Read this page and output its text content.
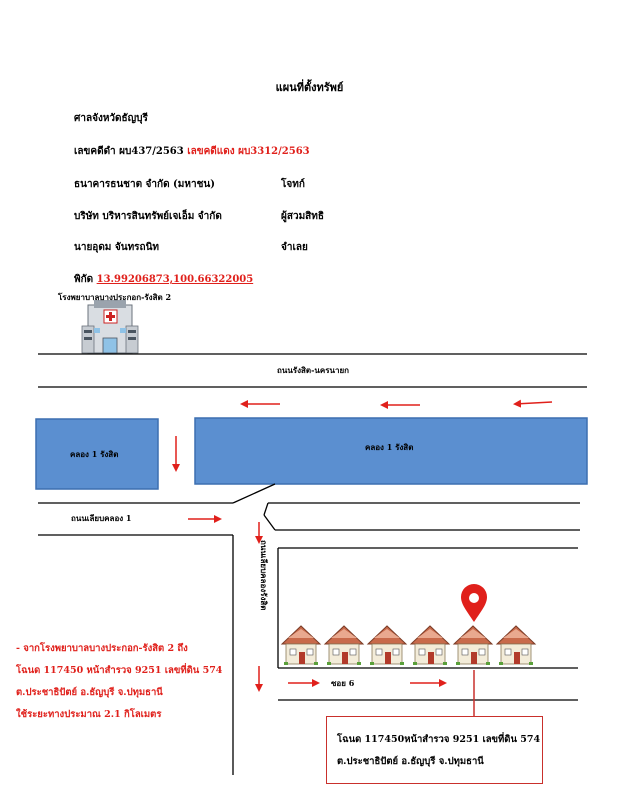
แผนที่ตั้งทรัพย์
ศาลจังหวัดธัญบุรี
เลขคดีดำ ผบ437/2563 เลขคดีแดง ผบ3312/2563
ธนาคารธนชาต จำกัด (มหาชน)	โจทก์
บริษัท บริหารสินทรัพย์เจเอ็ม จำกัด	ผู้สวมสิทธิ
นายอุดม จันทรถนิท	จำเลย
พิกัด 13.99206873,100.66322005
โรงพยาบาลบางประกอก-รังสิต 2
ถนนรังสิต-นครนายก
คลอง 1 รังสิต
คลอง 1 รังสิต
ถนนเลียบคลอง 1
ถนนเลียบคลองรังสิต
ซอย 6
- จากโรงพยาบาลบางประกอก-รังสิต 2 ถึง
โฉนด 117450 หน้าสำรวจ 9251 เลขที่ดิน 574
ต.ประชาธิปัตย์ อ.ธัญบุรี จ.ปทุมธานี
ใช้ระยะทางประมาณ 2.1 กิโลเมตร
โฉนด 117450หน้าสำรวจ 9251 เลขที่ดิน 574
ต.ประชาธิปัตย์ อ.ธัญบุรี จ.ปทุมธานี
